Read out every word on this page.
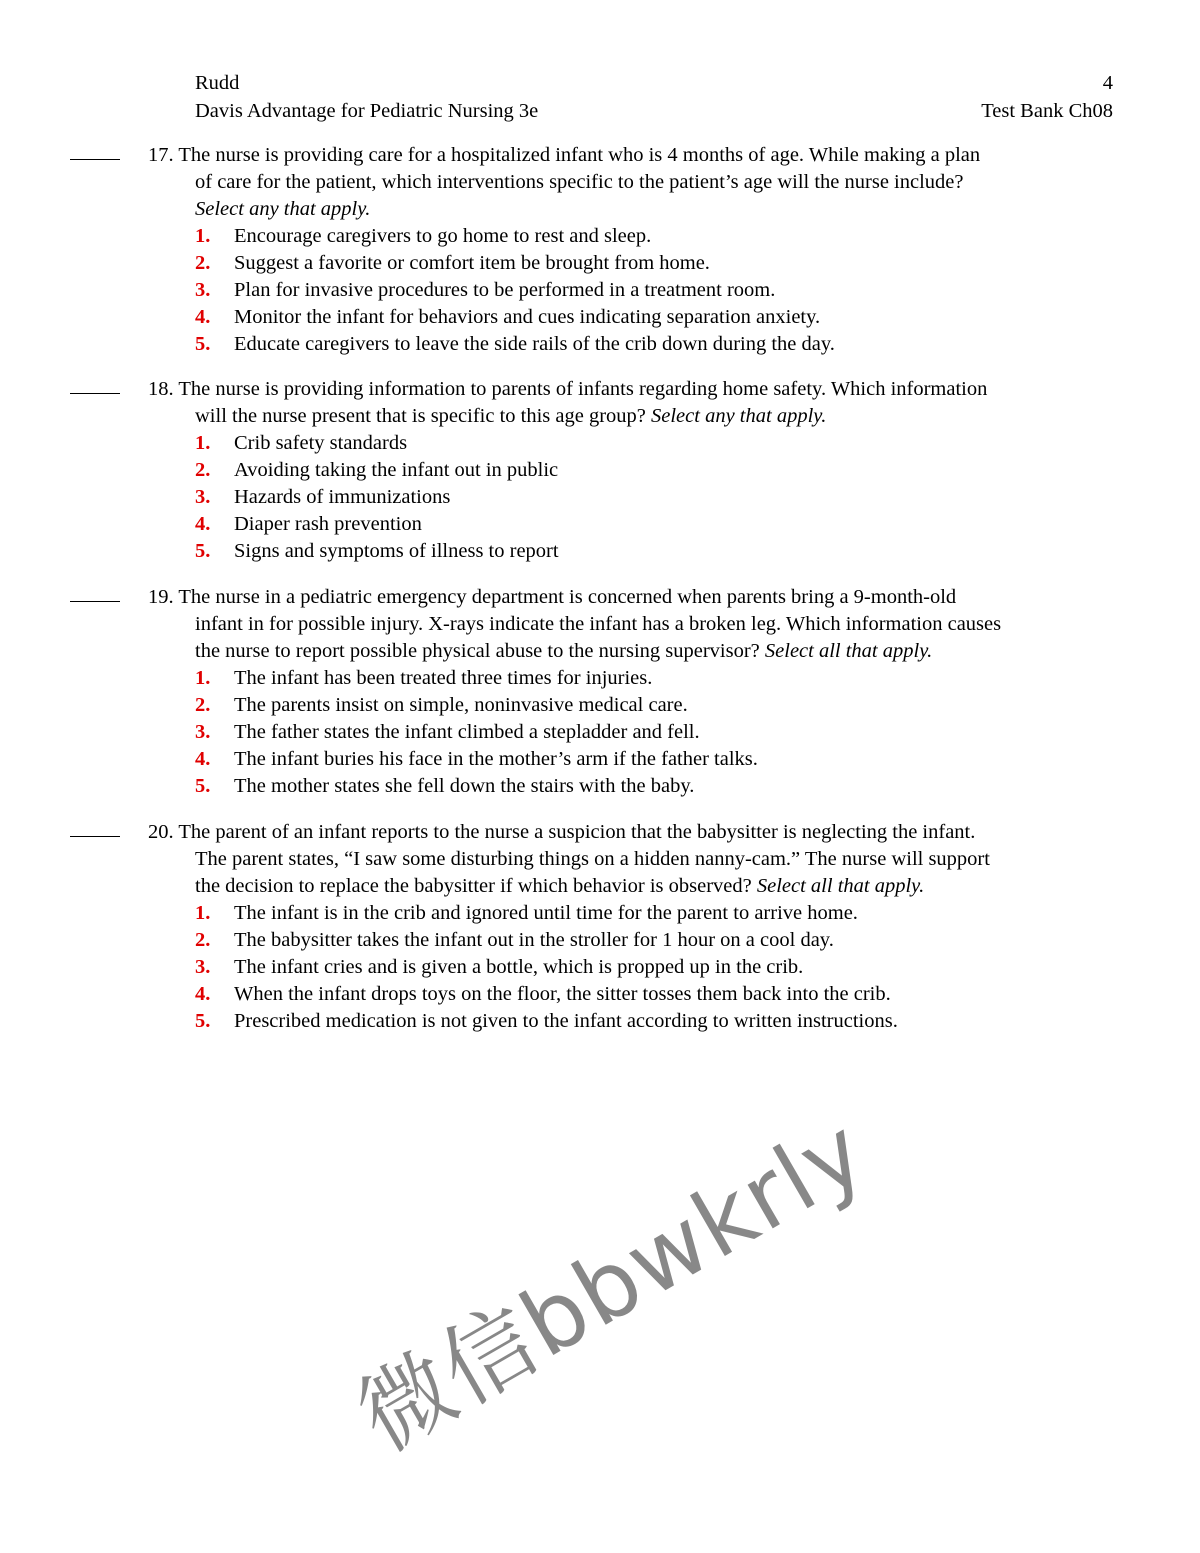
Rudd	4
Davis Advantage for Pediatric Nursing 3e	Test Bank Ch08
17. The nurse is providing care for a hospitalized infant who is 4 months of age. While making a plan
of care for the patient, which interventions specific to the patient’s age will the nurse include?
Select any that apply.
1. Encourage caregivers to go home to rest and sleep.
2. Suggest a favorite or comfort item be brought from home.
3. Plan for invasive procedures to be performed in a treatment room.
4. Monitor the infant for behaviors and cues indicating separation anxiety.
5. Educate caregivers to leave the side rails of the crib down during the day.
18. The nurse is providing information to parents of infants regarding home safety. Which information
will the nurse present that is specific to this age group? Select any that apply.
1. Crib safety standards
2. Avoiding taking the infant out in public
3. Hazards of immunizations
4. Diaper rash prevention
5. Signs and symptoms of illness to report
19. The nurse in a pediatric emergency department is concerned when parents bring a 9-month-old
infant in for possible injury. X-rays indicate the infant has a broken leg. Which information causes
the nurse to report possible physical abuse to the nursing supervisor? Select all that apply.
1. The infant has been treated three times for injuries.
2. The parents insist on simple, noninvasive medical care.
3. The father states the infant climbed a stepladder and fell.
4. The infant buries his face in the mother’s arm if the father talks.
5. The mother states she fell down the stairs with the baby.
20. The parent of an infant reports to the nurse a suspicion that the babysitter is neglecting the infant.
The parent states, “I saw some disturbing things on a hidden nanny-cam.” The nurse will support
the decision to replace the babysitter if which behavior is observed? Select all that apply.
1. The infant is in the crib and ignored until time for the parent to arrive home.
2. The babysitter takes the infant out in the stroller for 1 hour on a cool day.
3. The infant cries and is given a bottle, which is propped up in the crib.
4. When the infant drops toys on the floor, the sitter tosses them back into the crib.
5. Prescribed medication is not given to the infant according to written instructions.
微信bbwkrly
